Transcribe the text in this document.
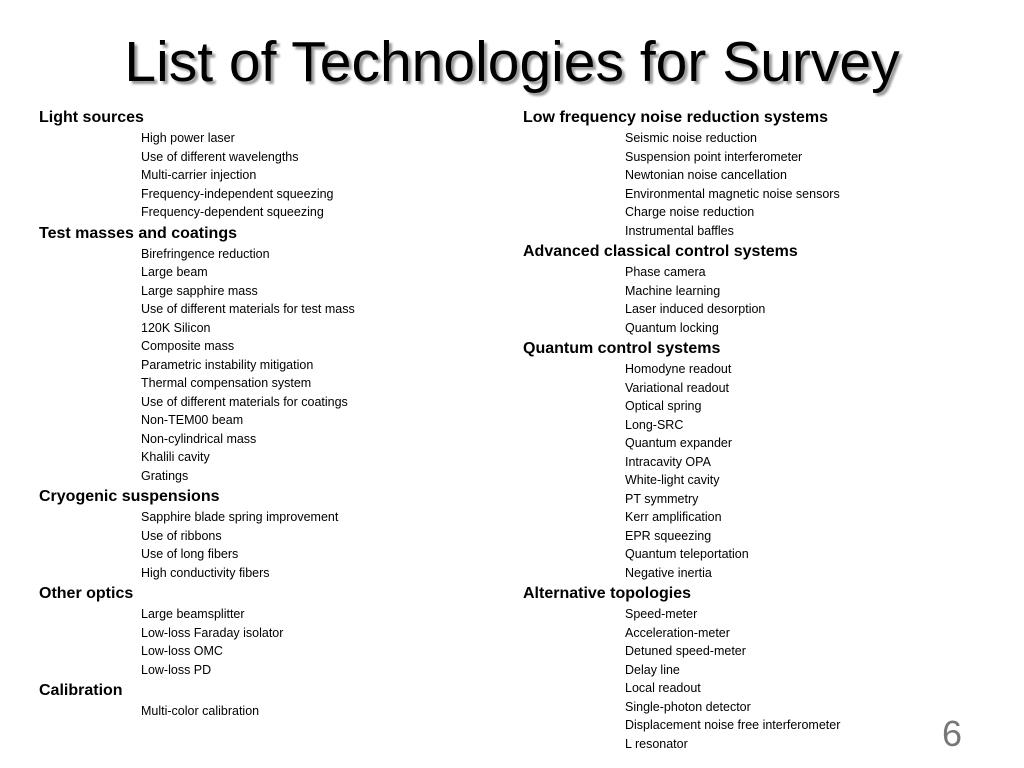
List of Technologies for Survey
Light sources
High power laser
Use of different wavelengths
Multi-carrier injection
Frequency-independent squeezing
Frequency-dependent squeezing
Test masses and coatings
Birefringence reduction
Large beam
Large sapphire mass
Use of different materials for test mass
120K Silicon
Composite mass
Parametric instability mitigation
Thermal compensation system
Use of different materials for coatings
Non-TEM00 beam
Non-cylindrical mass
Khalili cavity
Gratings
Cryogenic suspensions
Sapphire blade spring improvement
Use of ribbons
Use of long fibers
High conductivity fibers
Other optics
Large beamsplitter
Low-loss Faraday isolator
Low-loss OMC
Low-loss PD
Calibration
Multi-color calibration
Low frequency noise reduction systems
Seismic noise reduction
Suspension point interferometer
Newtonian noise cancellation
Environmental magnetic noise sensors
Charge noise reduction
Instrumental baffles
Advanced classical control systems
Phase camera
Machine learning
Laser induced desorption
Quantum locking
Quantum control systems
Homodyne readout
Variational readout
Optical spring
Long-SRC
Quantum expander
Intracavity OPA
White-light cavity
PT symmetry
Kerr amplification
EPR squeezing
Quantum teleportation
Negative inertia
Alternative topologies
Speed-meter
Acceleration-meter
Detuned speed-meter
Delay line
Local readout
Single-photon detector
Displacement noise free interferometer
L resonator	6
